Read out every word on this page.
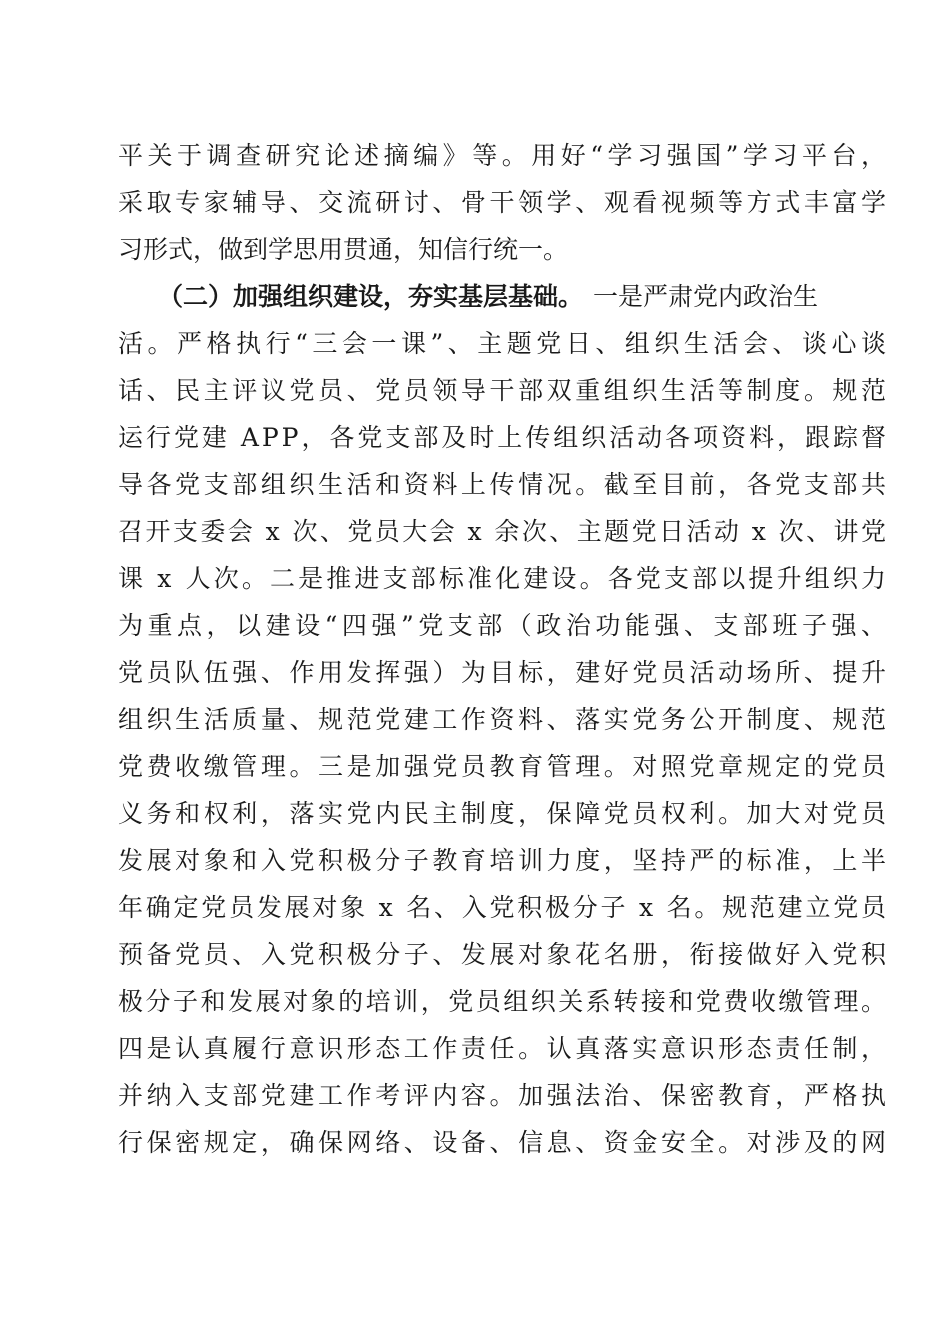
平关于调查研究论述摘编》等。用好“学习强国”学习平台，
采取专家辅导、交流研讨、骨干领学、观看视频等方式丰富学
习形式，做到学思用贯通，知信行统一。
（二）加强组织建设，夯实基层基础。 一是严肃党内政治生
活。严格执行“三会一课”、主题党日、组织生活会、谈心谈
话、民主评议党员、党员领导干部双重组织生活等制度。规范
运行党建 APP，各党支部及时上传组织活动各项资料，跟踪督
导各党支部组织生活和资料上传情况。截至目前，各党支部共
召开支委会 x 次、党员大会 x 余次、主题党日活动 x 次、讲党
课 x 人次。二是推进支部标准化建设。各党支部以提升组织力
为重点，以建设“四强”党支部（政治功能强、支部班子强、
党员队伍强、作用发挥强）为目标，建好党员活动场所、提升
组织生活质量、规范党建工作资料、落实党务公开制度、规范
党费收缴管理。三是加强党员教育管理。对照党章规定的党员
义务和权利，落实党内民主制度，保障党员权利。加大对党员
发展对象和入党积极分子教育培训力度，坚持严的标准，上半
年确定党员发展对象 x 名、入党积极分子 x 名。规范建立党员
预备党员、入党积极分子、发展对象花名册，衔接做好入党积
极分子和发展对象的培训，党员组织关系转接和党费收缴管理。
四是认真履行意识形态工作责任。认真落实意识形态责任制，
并纳入支部党建工作考评内容。加强法治、保密教育，严格执
行保密规定，确保网络、设备、信息、资金安全。对涉及的网
